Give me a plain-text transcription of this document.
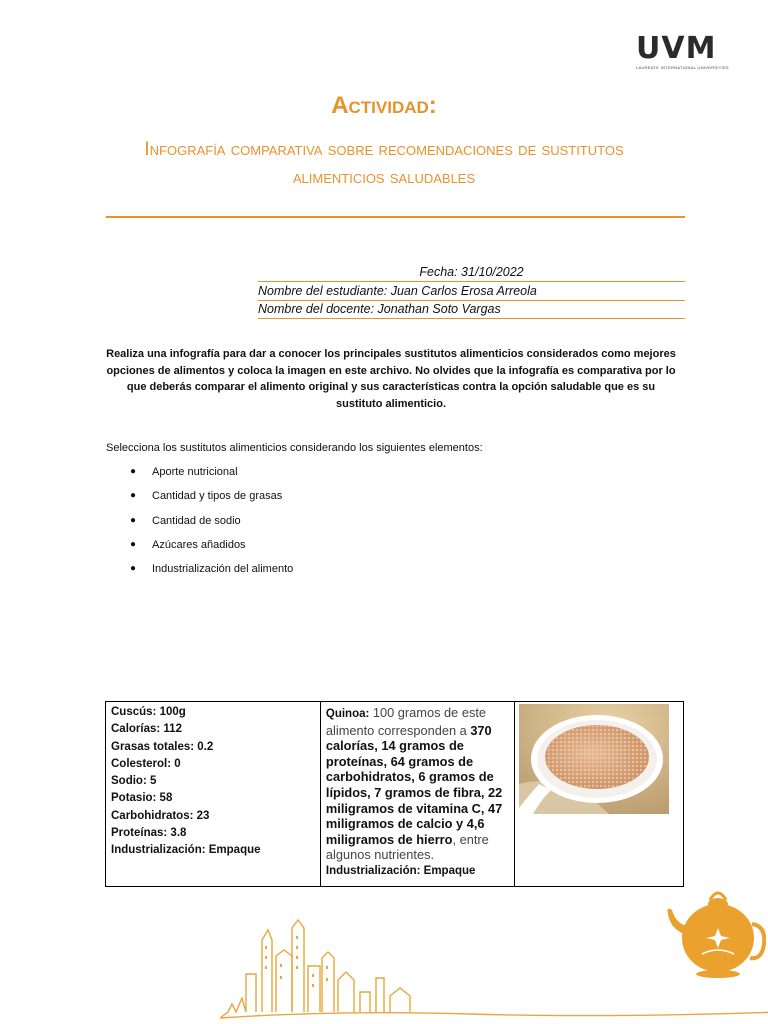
UVM
LAUREATE INTERNATIONAL UNIVERSITIES
Actividad:
Infografía comparativa sobre recomendaciones de sustitutos alimenticios saludables
Fecha: 31/10/2022
Nombre del estudiante: Juan Carlos Erosa Arreola
Nombre del docente: Jonathan Soto Vargas
Realiza una infografía para dar a conocer los principales sustitutos alimenticios considerados como mejores opciones de alimentos y coloca la imagen en este archivo. No olvides que la infografía es comparativa por lo que deberás comparar el alimento original y sus características contra la opción saludable que es su sustituto alimenticio.
Selecciona los sustitutos alimenticios considerando los siguientes elementos:
●	Aporte nutricional
●	Cantidad y tipos de grasas
●	Cantidad de sodio
●	Azúcares añadidos
●	Industrialización del alimento
Cuscús: 100g
Calorías: 112
Grasas totales: 0.2
Colesterol: 0
Sodio: 5
Potasio: 58
Carbohidratos: 23
Proteínas: 3.8
Industrialización: Empaque

Quinoa: 100 gramos de este alimento corresponden a 370 calorías, 14 gramos de proteínas, 64 gramos de carbohidratos, 6 gramos de lípidos, 7 gramos de fibra, 22 miligramos de vitamina C, 47 miligramos de calcio y 4,6 miligramos de hierro, entre algunos nutrientes.
Industrialización: Empaque
